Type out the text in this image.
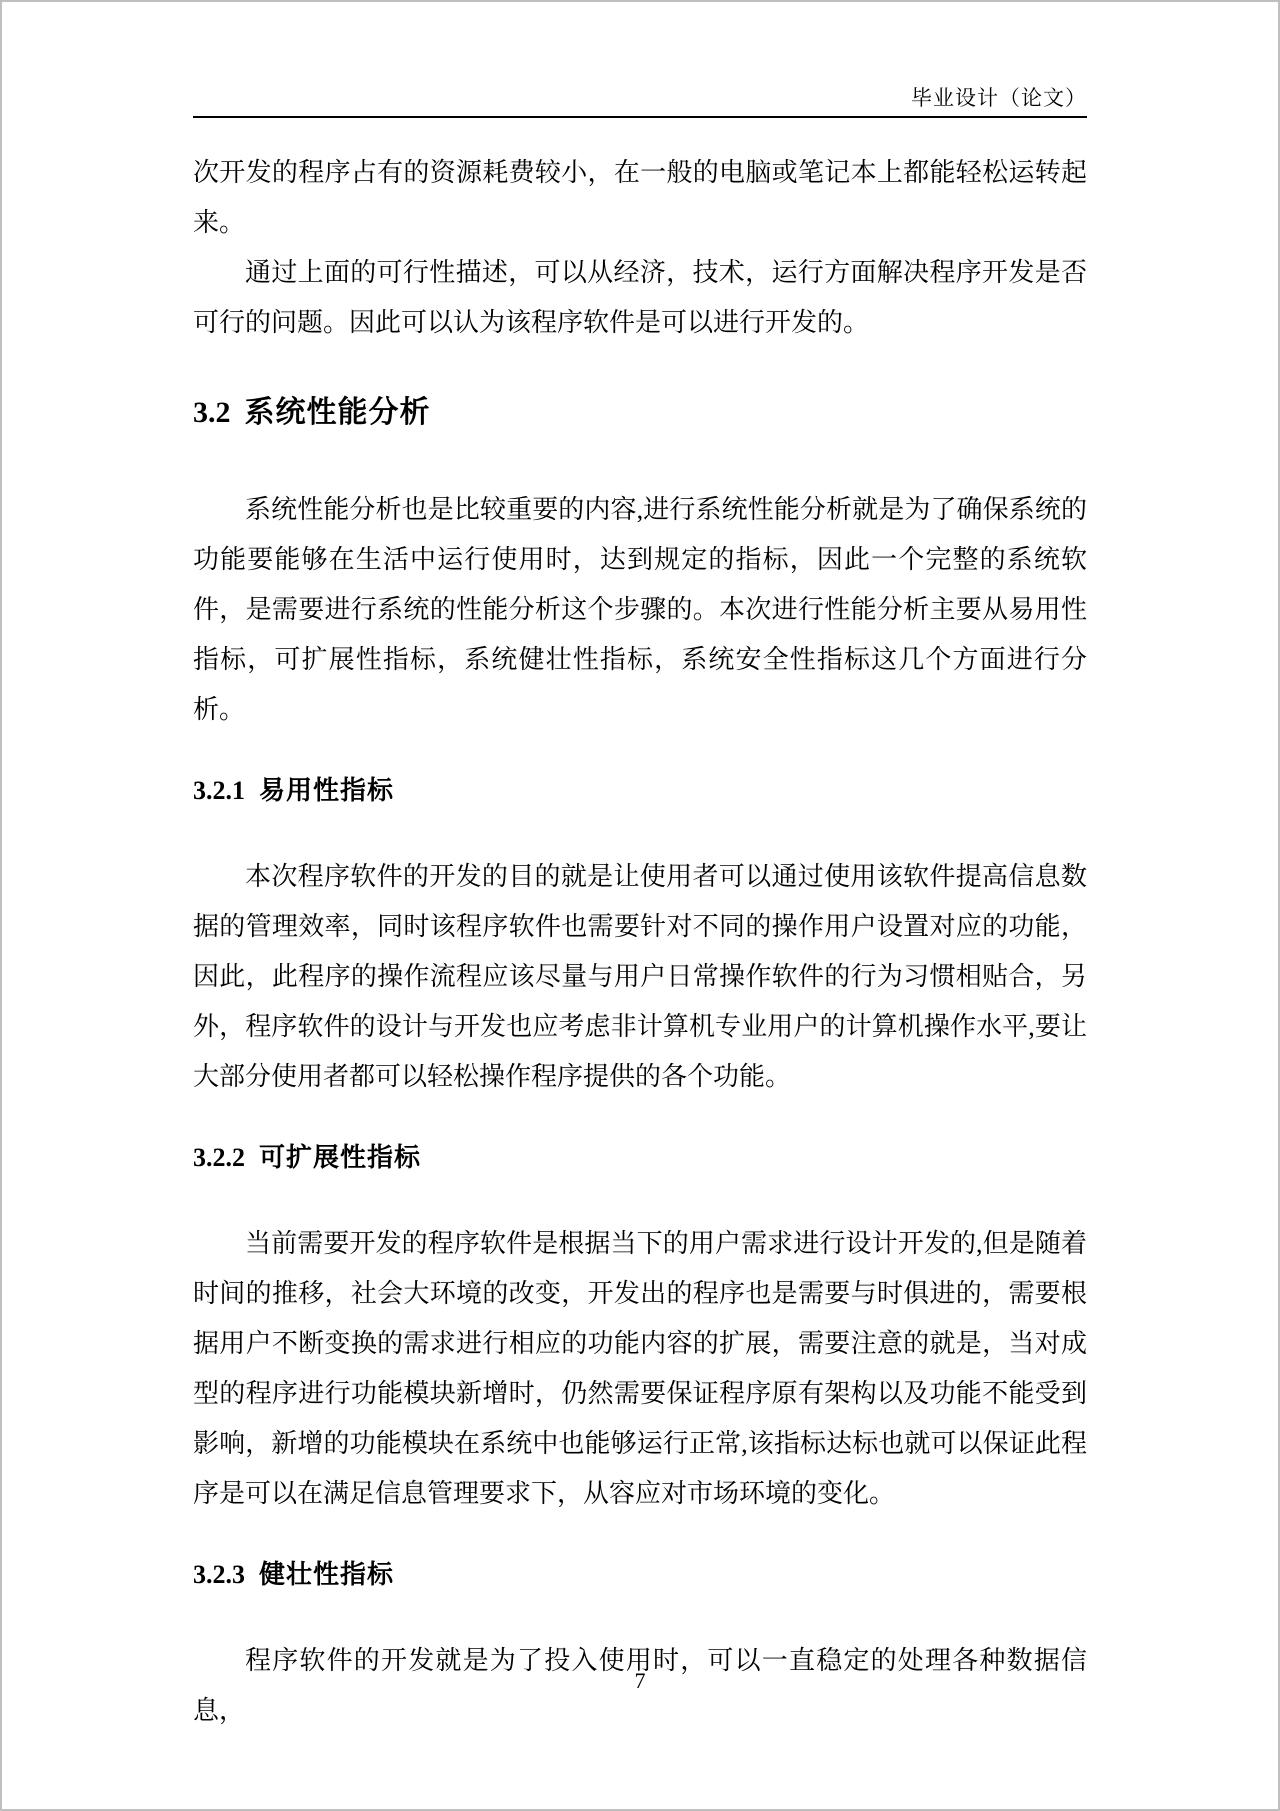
毕业设计（论文）

次开发的程序占有的资源耗费较小，在一般的电脑或笔记本上都能轻松运转起来。

通过上面的可行性描述，可以从经济，技术，运行方面解决程序开发是否可行的问题。因此可以认为该程序软件是可以进行开发的。

3.2 系统性能分析

系统性能分析也是比较重要的内容,进行系统性能分析就是为了确保系统的功能要能够在生活中运行使用时，达到规定的指标，因此一个完整的系统软件，是需要进行系统的性能分析这个步骤的。本次进行性能分析主要从易用性指标，可扩展性指标，系统健壮性指标，系统安全性指标这几个方面进行分析。

3.2.1 易用性指标

本次程序软件的开发的目的就是让使用者可以通过使用该软件提高信息数据的管理效率，同时该程序软件也需要针对不同的操作用户设置对应的功能，因此，此程序的操作流程应该尽量与用户日常操作软件的行为习惯相贴合，另外，程序软件的设计与开发也应考虑非计算机专业用户的计算机操作水平,要让大部分使用者都可以轻松操作程序提供的各个功能。

3.2.2 可扩展性指标

当前需要开发的程序软件是根据当下的用户需求进行设计开发的,但是随着时间的推移，社会大环境的改变，开发出的程序也是需要与时俱进的，需要根据用户不断变换的需求进行相应的功能内容的扩展，需要注意的就是，当对成型的程序进行功能模块新增时，仍然需要保证程序原有架构以及功能不能受到影响，新增的功能模块在系统中也能够运行正常,该指标达标也就可以保证此程序是可以在满足信息管理要求下，从容应对市场环境的变化。

3.2.3 健壮性指标

程序软件的开发就是为了投入使用时，可以一直稳定的处理各种数据信息，

7
